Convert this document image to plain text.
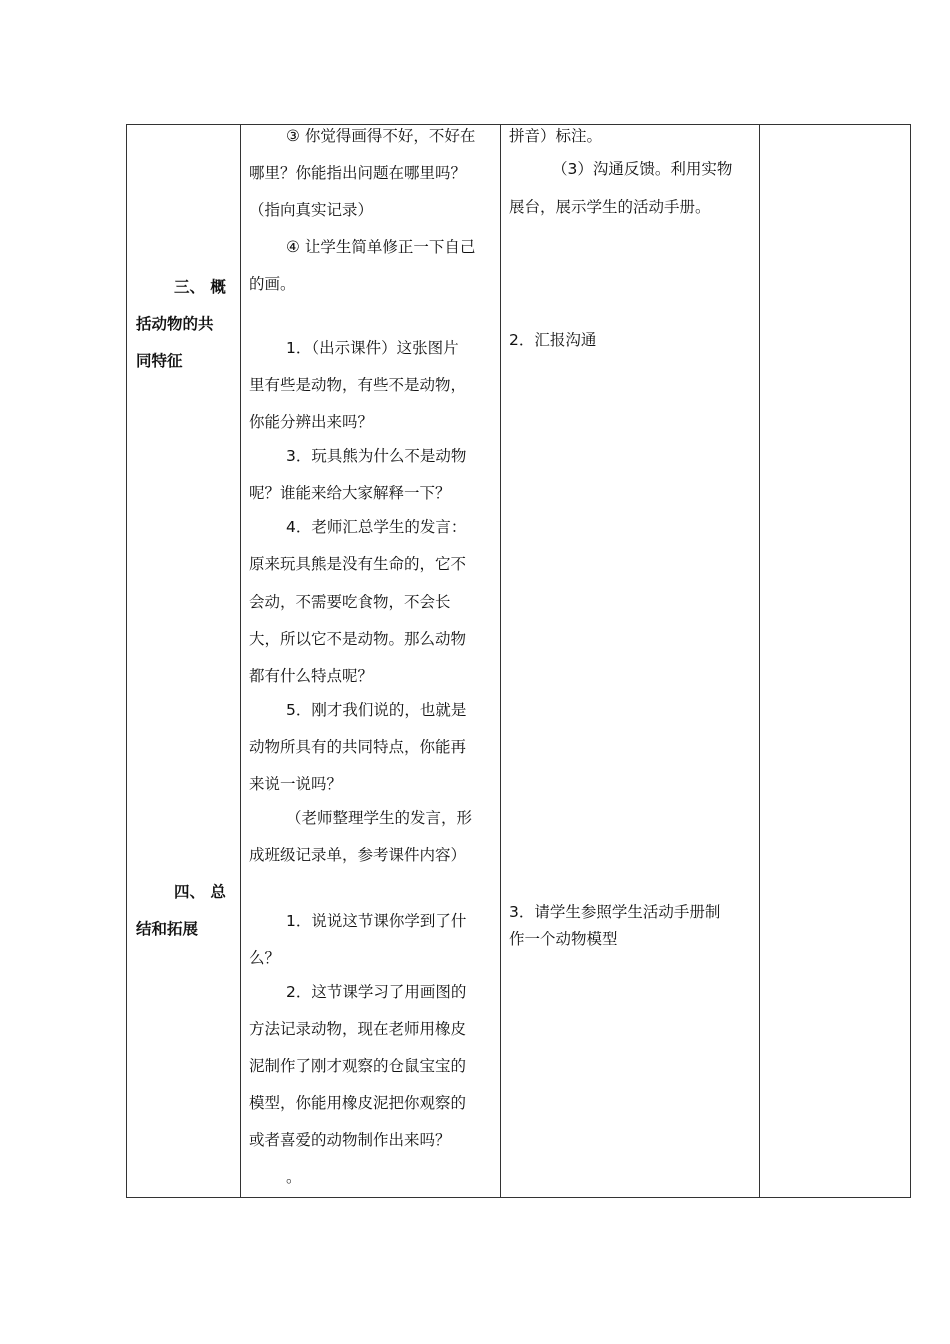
三、 概
括动物的共
同特征
四、 总
结和拓展
③ 你觉得画得不好，不好在
哪里？你能指出问题在哪里吗？
（指向真实记录）
④ 让学生简单修正一下自己
的画。
1．（出示课件）这张图片
里有些是动物，有些不是动物，
你能分辨出来吗？
3．玩具熊为什么不是动物
呢？谁能来给大家解释一下？
4．老师汇总学生的发言：
原来玩具熊是没有生命的，它不
会动，不需要吃食物，不会长
大，所以它不是动物。那么动物
都有什么特点呢？
5．刚才我们说的，也就是
动物所具有的共同特点，你能再
来说一说吗？
（老师整理学生的发言，形
成班级记录单，参考课件内容）
1．说说这节课你学到了什
么？
2．这节课学习了用画图的
方法记录动物，现在老师用橡皮
泥制作了刚才观察的仓鼠宝宝的
模型，你能用橡皮泥把你观察的
或者喜爱的动物制作出来吗？
。
拼音）标注。
（3）沟通反馈。利用实物
展台，展示学生的活动手册。
2．汇报沟通
3．请学生参照学生活动手册制
作一个动物模型
